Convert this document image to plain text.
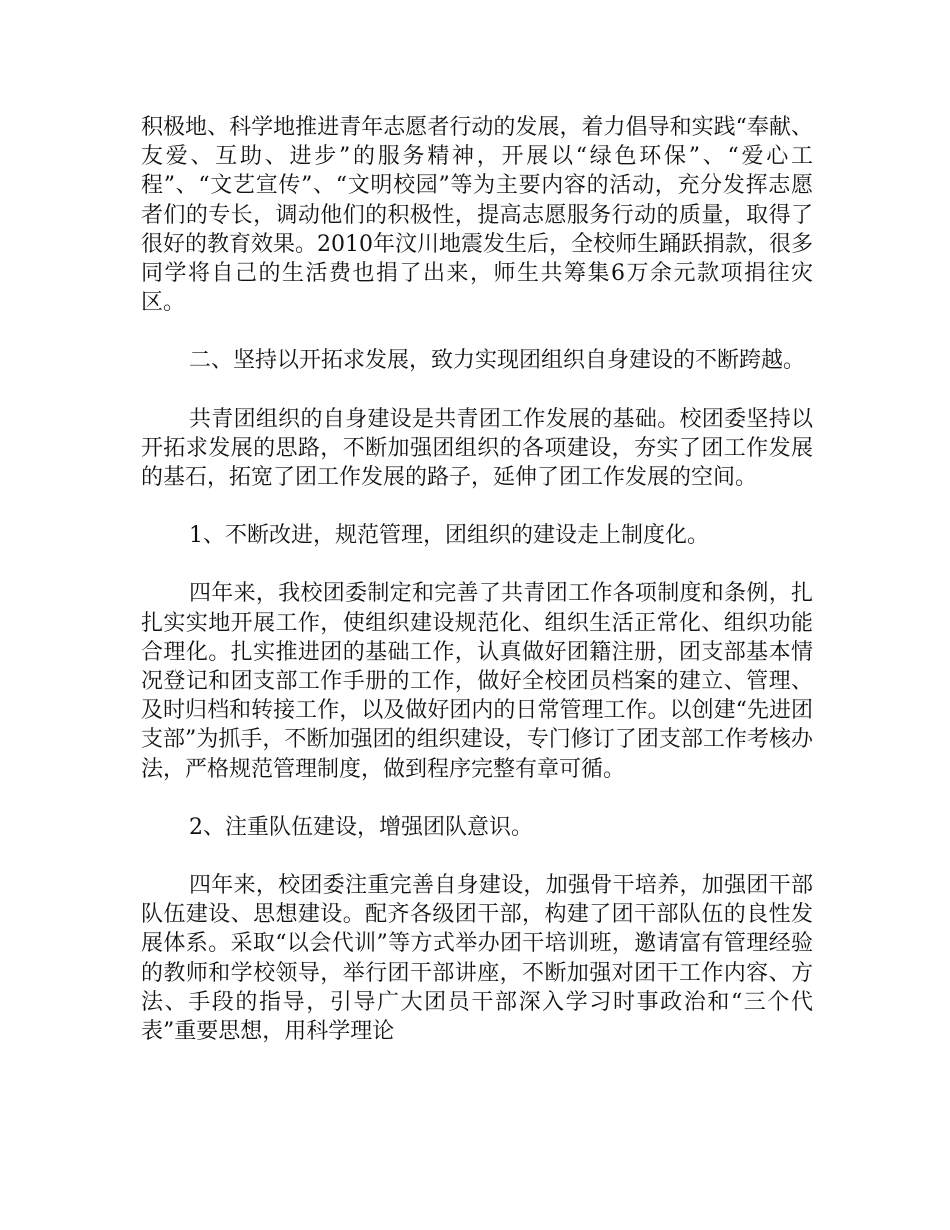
积极地、科学地推进青年志愿者行动的发展，着力倡导和实践“奉献、友爱、互助、进步”的服务精神，开展以“绿色环保”、“爱心工程”、“文艺宣传”、“文明校园”等为主要内容的活动，充分发挥志愿者们的专长，调动他们的积极性，提高志愿服务行动的质量，取得了很好的教育效果。2010年汶川地震发生后，全校师生踊跃捐款，很多同学将自己的生活费也捐了出来，师生共筹集6万余元款项捐往灾区。

二、坚持以开拓求发展，致力实现团组织自身建设的不断跨越。

共青团组织的自身建设是共青团工作发展的基础。校团委坚持以开拓求发展的思路，不断加强团组织的各项建设，夯实了团工作发展的基石，拓宽了团工作发展的路子，延伸了团工作发展的空间。

1、不断改进，规范管理，团组织的建设走上制度化。

四年来，我校团委制定和完善了共青团工作各项制度和条例，扎扎实实地开展工作，使组织建设规范化、组织生活正常化、组织功能合理化。扎实推进团的基础工作，认真做好团籍注册，团支部基本情况登记和团支部工作手册的工作，做好全校团员档案的建立、管理、及时归档和转接工作，以及做好团内的日常管理工作。以创建“先进团支部”为抓手，不断加强团的组织建设，专门修订了团支部工作考核办法，严格规范管理制度，做到程序完整有章可循。

2、注重队伍建设，增强团队意识。

四年来，校团委注重完善自身建设，加强骨干培养，加强团干部队伍建设、思想建设。配齐各级团干部，构建了团干部队伍的良性发展体系。采取“以会代训”等方式举办团干培训班，邀请富有管理经验的教师和学校领导，举行团干部讲座，不断加强对团干工作内容、方法、手段的指导，引导广大团员干部深入学习时事政治和“三个代表”重要思想，用科学理论
